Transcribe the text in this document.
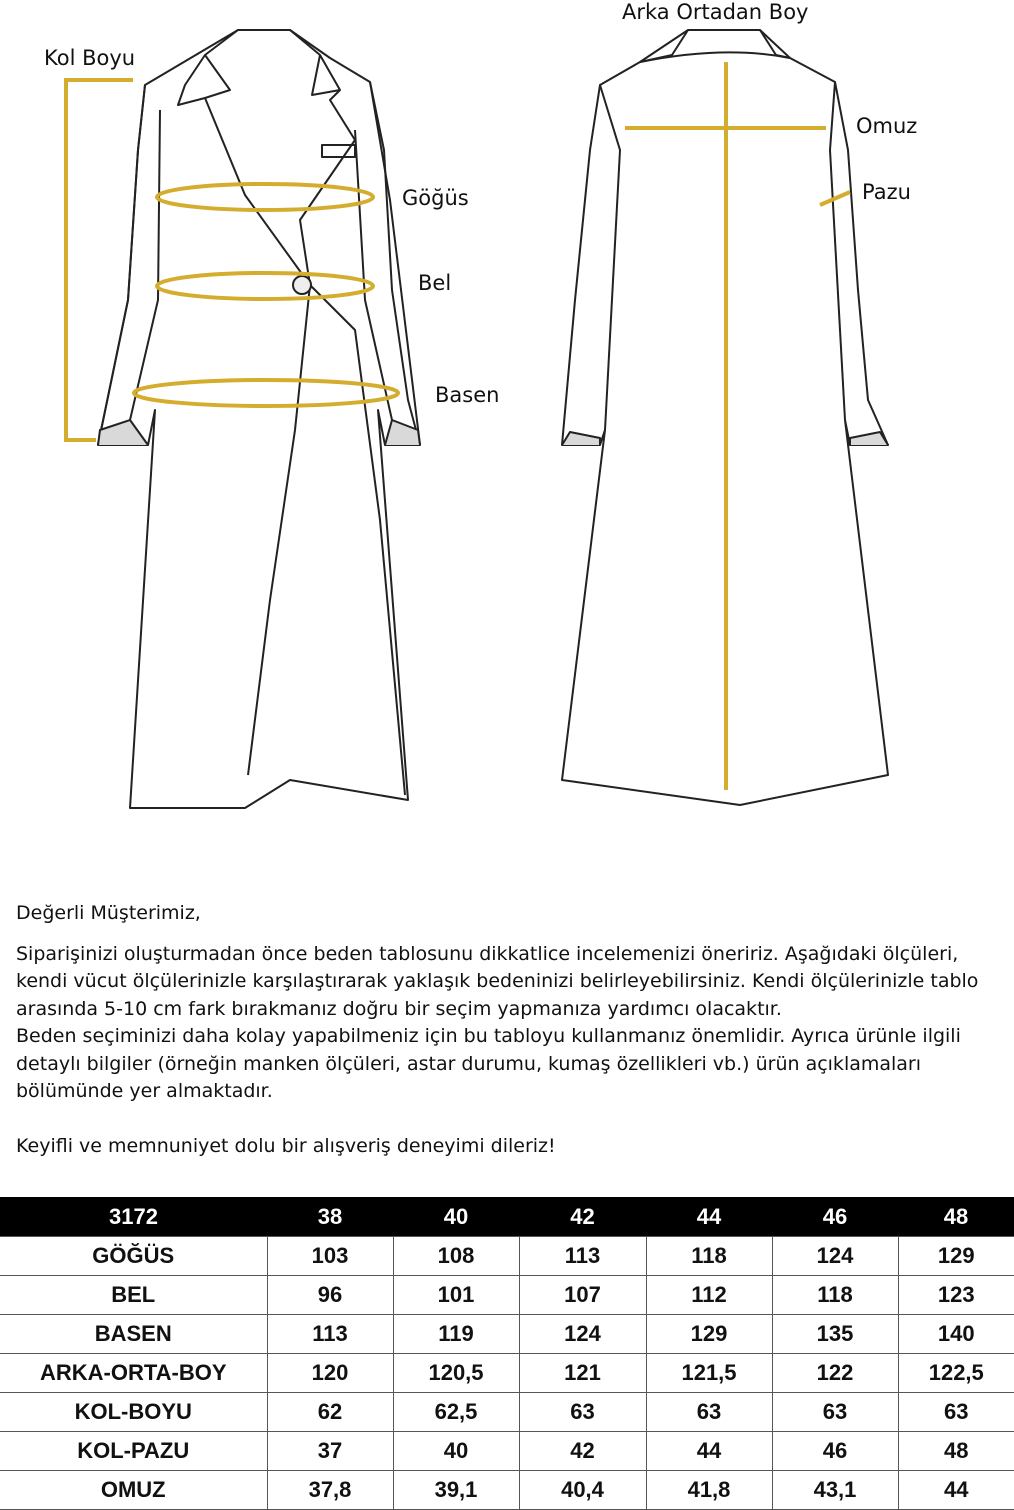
Kol Boyu
Göğüs
Bel
Basen
Arka Ortadan Boy
Omuz
Pazu

Değerli Müşterimiz,

Siparişinizi oluşturmadan önce beden tablosunu dikkatlice incelemenizi öneririz. Aşağıdaki ölçüleri, kendi vücut ölçülerinizle karşılaştırarak yaklaşık bedeninizi belirleyebilirsiniz. Kendi ölçülerinizle tablo arasında 5-10 cm fark bırakmanız doğru bir seçim yapmanıza yardımcı olacaktır.

Beden seçiminizi daha kolay yapabilmeniz için bu tabloyu kullanmanız önemlidir. Ayrıca ürünle ilgili detaylı bilgiler (örneğin manken ölçüleri, astar durumu, kumaş özellikleri vb.) ürün açıklamaları bölümünde yer almaktadır.

Keyifli ve memnuniyet dolu bir alışveriş deneyimi dileriz!

3172	38	40	42	44	46	48
GÖĞÜS	103	108	113	118	124	129
BEL	96	101	107	112	118	123
BASEN	113	119	124	129	135	140
ARKA-ORTA-BOY	120	120,5	121	121,5	122	122,5
KOL-BOYU	62	62,5	63	63	63	63
KOL-PAZU	37	40	42	44	46	48
OMUZ	37,8	39,1	40,4	41,8	43,1	44
